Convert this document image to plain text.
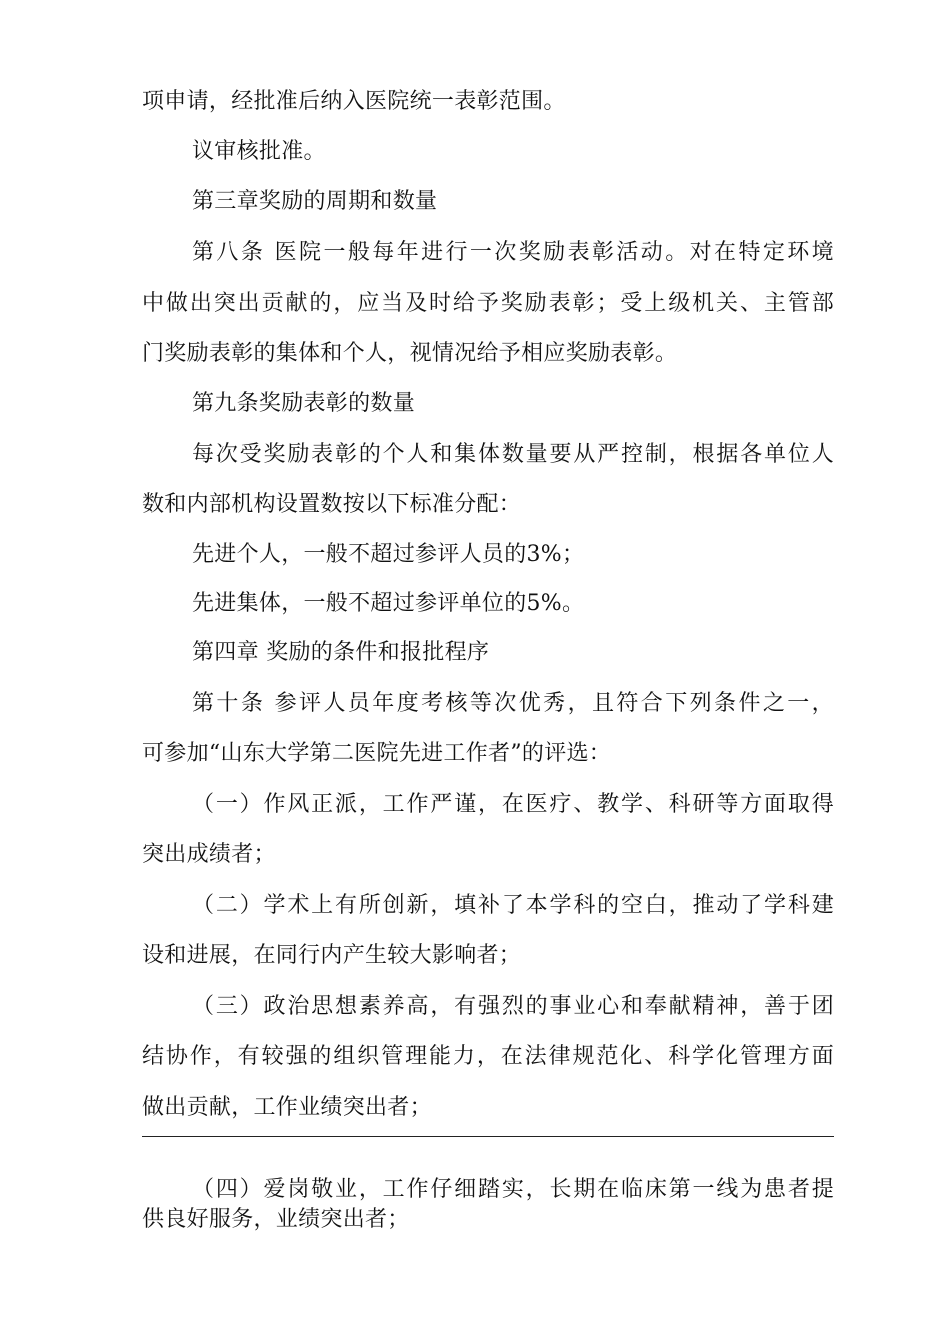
项申请，经批准后纳入医院统一表彰范围。
议审核批准。
第三章奖励的周期和数量
第八条 医院一般每年进行一次奖励表彰活动。对在特定环境
中做出突出贡献的，应当及时给予奖励表彰；受上级机关、主管部
门奖励表彰的集体和个人，视情况给予相应奖励表彰。
第九条奖励表彰的数量
每次受奖励表彰的个人和集体数量要从严控制，根据各单位人
数和内部机构设置数按以下标准分配：
先进个人，一般不超过参评人员的3%；
先进集体，一般不超过参评单位的5%。
第四章 奖励的条件和报批程序
第十条 参评人员年度考核等次优秀，且符合下列条件之一，
可参加“山东大学第二医院先进工作者”的评选：
（一）作风正派，工作严谨，在医疗、教学、科研等方面取得
突出成绩者；
（二）学术上有所创新，填补了本学科的空白，推动了学科建
设和进展，在同行内产生较大影响者；
（三）政治思想素养高，有强烈的事业心和奉献精神，善于团
结协作，有较强的组织管理能力，在法律规范化、科学化管理方面
做出贡献，工作业绩突出者；
（四）爱岗敬业，工作仔细踏实，长期在临床第一线为患者提
供良好服务，业绩突出者；
